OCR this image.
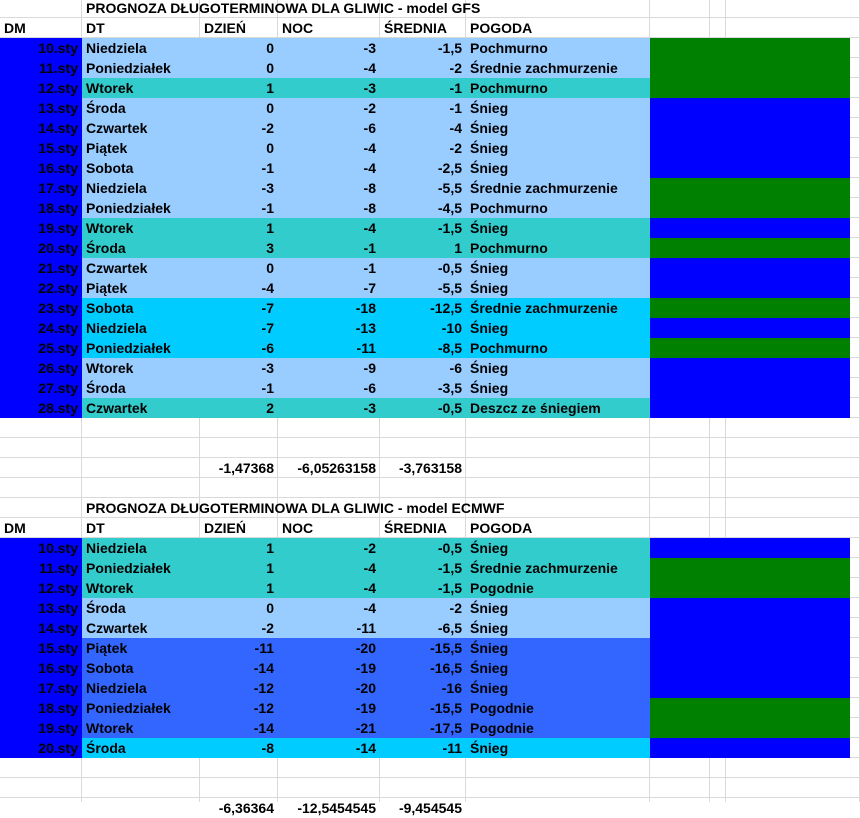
PROGNOZA DŁUGOTERMINOWA DLA GLIWIC - model GFS
DM	DT	DZIEŃ	NOC	ŚREDNIA	POGODA
10.sty Niedziela	0	-3	-1,5 Pochmurno
11.sty Poniedziałek	0	-4	-2 Średnie zachmurzenie
12.sty Wtorek	1	-3	-1 Pochmurno
13.sty Środa	0	-2	-1 Śnieg
14.sty Czwartek	-2	-6	-4 Śnieg
15.sty Piątek	0	-4	-2 Śnieg
16.sty Sobota	-1	-4	-2,5 Śnieg
17.sty Niedziela	-3	-8	-5,5 Średnie zachmurzenie
18.sty Poniedziałek	-1	-8	-4,5 Pochmurno
19.sty Wtorek	1	-4	-1,5 Śnieg
20.sty Środa	3	-1	1 Pochmurno
21.sty Czwartek	0	-1	-0,5 Śnieg
22.sty Piątek	-4	-7	-5,5 Śnieg
23.sty Sobota	-7	-18	-12,5 Średnie zachmurzenie
24.sty Niedziela	-7	-13	-10 Śnieg
25.sty Poniedziałek	-6	-11	-8,5 Pochmurno
26.sty Wtorek	-3	-9	-6 Śnieg
27.sty Środa	-1	-6	-3,5 Śnieg
28.sty Czwartek	2	-3	-0,5 Deszcz ze śniegiem
-1,47368	-6,05263158	-3,763158
PROGNOZA DŁUGOTERMINOWA DLA GLIWIC - model ECMWF
DM	DT	DZIEŃ	NOC	ŚREDNIA	POGODA
10.sty Niedziela	1	-2	-0,5 Śnieg
11.sty Poniedziałek	1	-4	-1,5 Średnie zachmurzenie
12.sty Wtorek	1	-4	-1,5 Pogodnie
13.sty Środa	0	-4	-2 Śnieg
14.sty Czwartek	-2	-11	-6,5 Śnieg
15.sty Piątek	-11	-20	-15,5 Śnieg
16.sty Sobota	-14	-19	-16,5 Śnieg
17.sty Niedziela	-12	-20	-16 Śnieg
18.sty Poniedziałek	-12	-19	-15,5 Pogodnie
19.sty Wtorek	-14	-21	-17,5 Pogodnie
20.sty Środa	-8	-14	-11 Śnieg
-6,36364	-12,5454545	-9,454545
